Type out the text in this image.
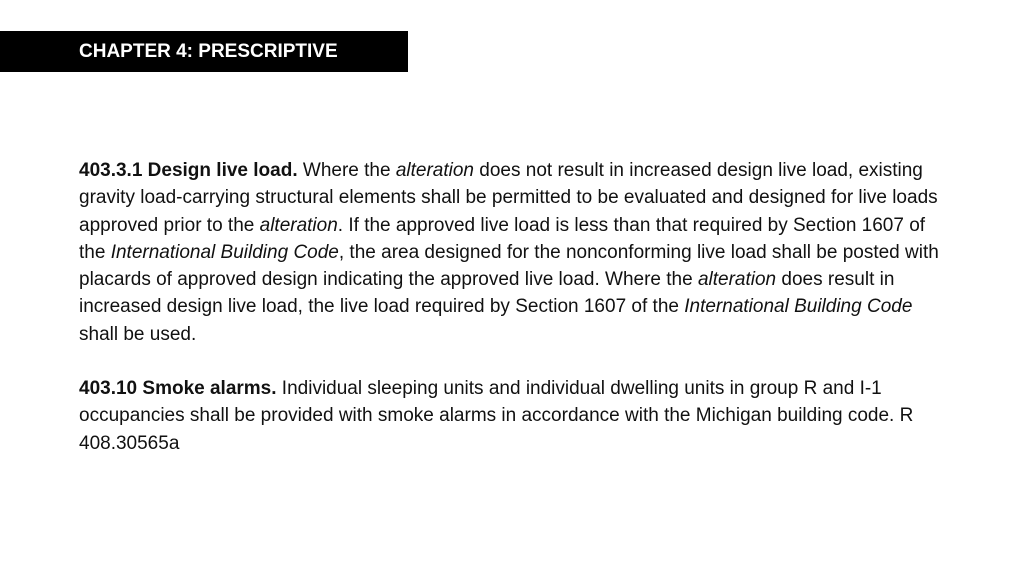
CHAPTER 4: PRESCRIPTIVE

403.3.1 Design live load. Where the alteration does not result in increased design live load, existing gravity load-carrying structural elements shall be permitted to be evaluated and designed for live loads approved prior to the alteration. If the approved live load is less than that required by Section 1607 of the International Building Code, the area designed for the nonconforming live load shall be posted with placards of approved design indicating the approved live load. Where the alteration does result in increased design live load, the live load required by Section 1607 of the International Building Code shall be used.

403.10 Smoke alarms. Individual sleeping units and individual dwelling units in group R and I-1 occupancies shall be provided with smoke alarms in accordance with the Michigan building code. R 408.30565a
